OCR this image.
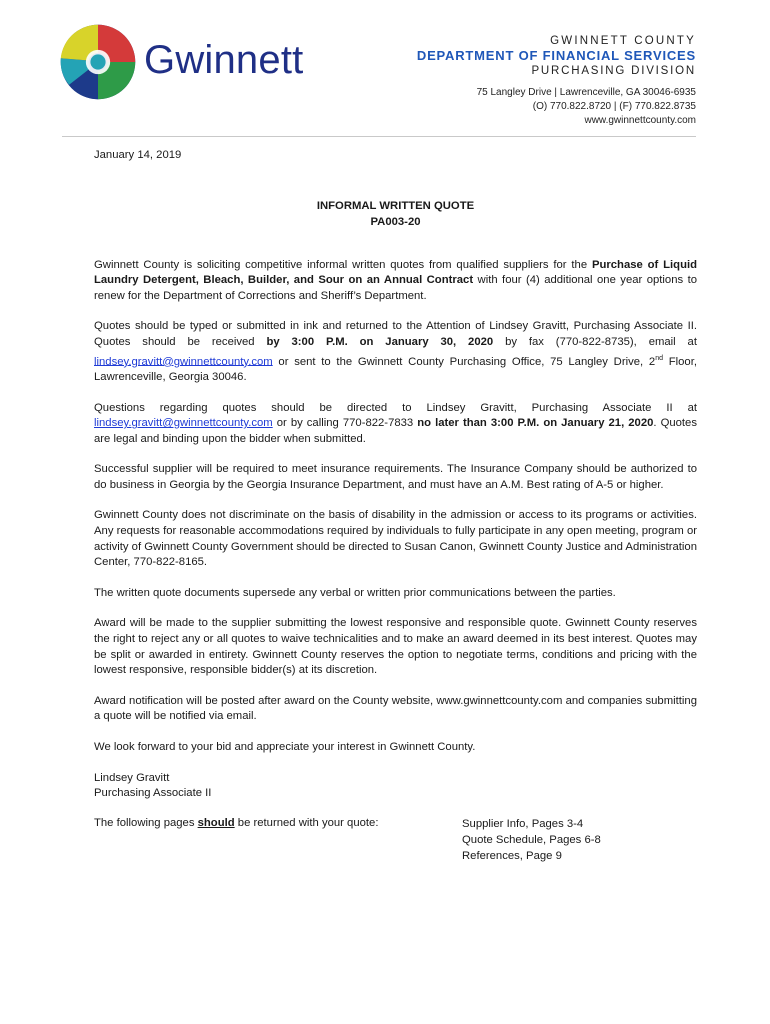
Gwinnett	GWINNETT COUNTY
DEPARTMENT OF FINANCIAL SERVICES
PURCHASING DIVISION
75 Langley Drive | Lawrenceville, GA 30046-6935
(O) 770.822.8720 | (F) 770.822.8735
www.gwinnettcounty.com
January 14, 2019
INFORMAL WRITTEN QUOTE
PA003-20

Gwinnett County is soliciting competitive informal written quotes from qualified suppliers for the Purchase of Liquid Laundry Detergent, Bleach, Builder, and Sour on an Annual Contract with four (4) additional one year options to renew for the Department of Corrections and Sheriff’s Department.

Quotes should be typed or submitted in ink and returned to the Attention of Lindsey Gravitt, Purchasing Associate II. Quotes should be received by 3:00 P.M. on January 30, 2020 by fax (770-822-8735), email at lindsey.gravitt@gwinnettcounty.com or sent to the Gwinnett County Purchasing Office, 75 Langley Drive, 2nd Floor, Lawrenceville, Georgia 30046.

Questions regarding quotes should be directed to Lindsey Gravitt, Purchasing Associate II at lindsey.gravitt@gwinnettcounty.com or by calling 770-822-7833 no later than 3:00 P.M. on January 21, 2020. Quotes are legal and binding upon the bidder when submitted.

Successful supplier will be required to meet insurance requirements. The Insurance Company should be authorized to do business in Georgia by the Georgia Insurance Department, and must have an A.M. Best rating of A-5 or higher.

Gwinnett County does not discriminate on the basis of disability in the admission or access to its programs or activities. Any requests for reasonable accommodations required by individuals to fully participate in any open meeting, program or activity of Gwinnett County Government should be directed to Susan Canon, Gwinnett County Justice and Administration Center, 770-822-8165.

The written quote documents supersede any verbal or written prior communications between the parties.

Award will be made to the supplier submitting the lowest responsive and responsible quote. Gwinnett County reserves the right to reject any or all quotes to waive technicalities and to make an award deemed in its best interest. Quotes may be split or awarded in entirety. Gwinnett County reserves the option to negotiate terms, conditions and pricing with the lowest responsive, responsible bidder(s) at its discretion.

Award notification will be posted after award on the County website, www.gwinnettcounty.com and companies submitting a quote will be notified via email.

We look forward to your bid and appreciate your interest in Gwinnett County.

Lindsey Gravitt
Purchasing Associate II
The following pages should be returned with your quote:	Supplier Info, Pages 3-4
Quote Schedule, Pages 6-8
References, Page 9
